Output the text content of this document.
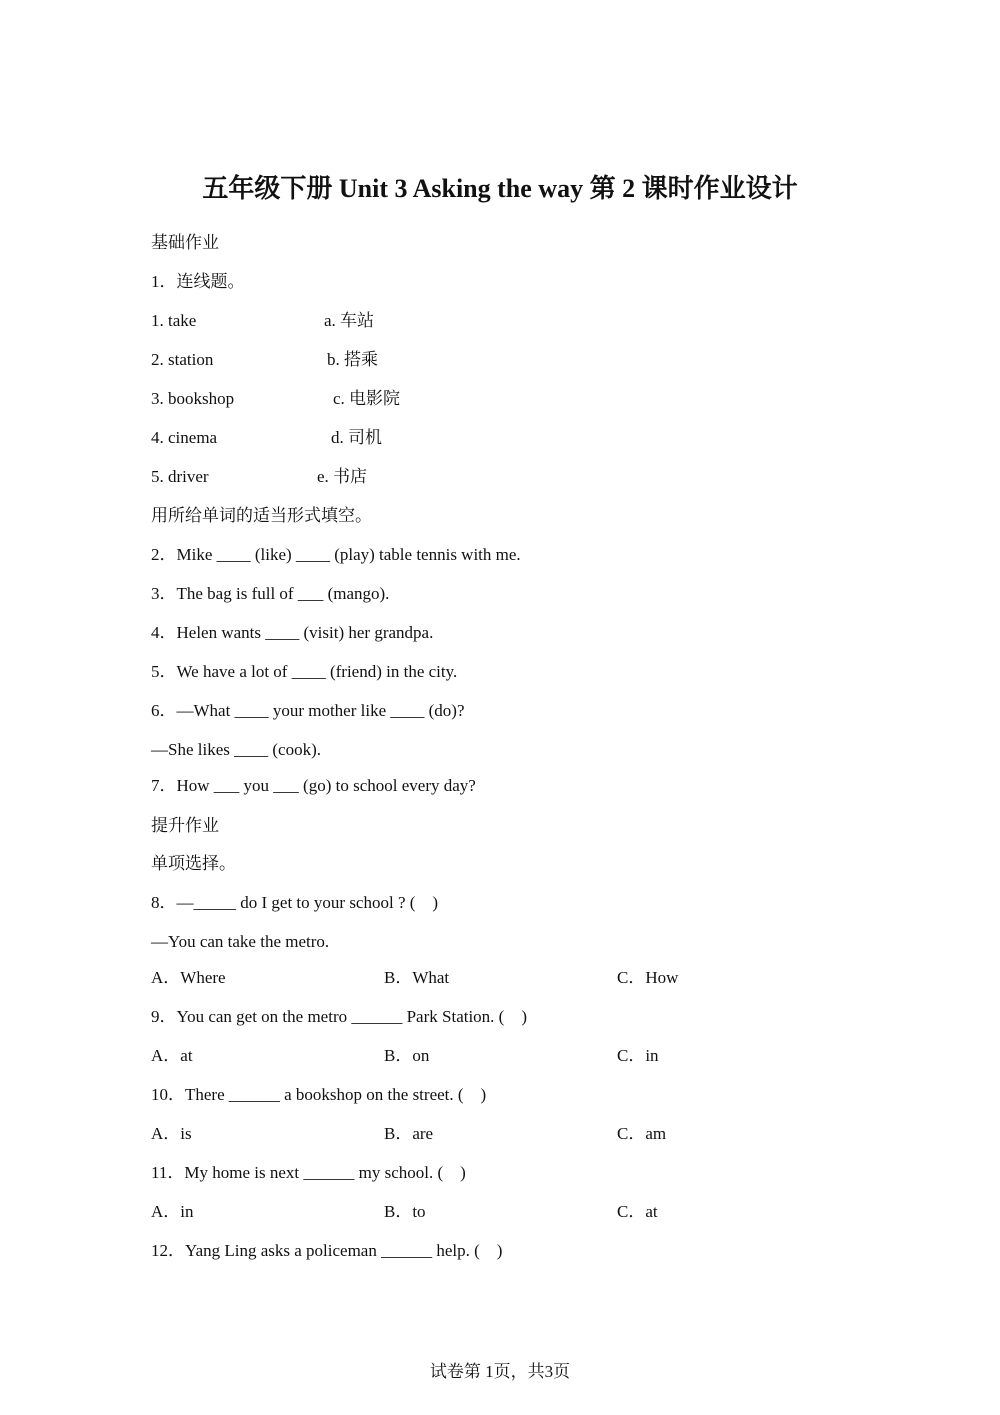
五年级下册 Unit 3 Asking the way 第 2 课时作业设计
基础作业
1．连线题。
1. take	a. 车站
2. station	b. 搭乘
3. bookshop	c. 电影院
4. cinema	d. 司机
5. driver	e. 书店
用所给单词的适当形式填空。
2．Mike ____ (like) ____ (play) table tennis with me.
3．The bag is full of ___ (mango).
4．Helen wants ____ (visit) her grandpa.
5．We have a lot of ____ (friend) in the city.
6．—What ____ your mother like ____ (do)?
—She likes ____ (cook).
7．How ___ you ___ (go) to school every day?
提升作业
单项选择。
8．—_____ do I get to your school ? (    )
—You can take the metro.
A．Where	B．What	C．How
9．You can get on the metro ______ Park Station. (    )
A．at	B．on	C．in
10．There ______ a bookshop on the street. (    )
A．is	B．are	C．am
11．My home is next ______ my school. (    )
A．in	B．to	C．at
12．Yang Ling asks a policeman ______ help. (    )
试卷第 1页，共3页
